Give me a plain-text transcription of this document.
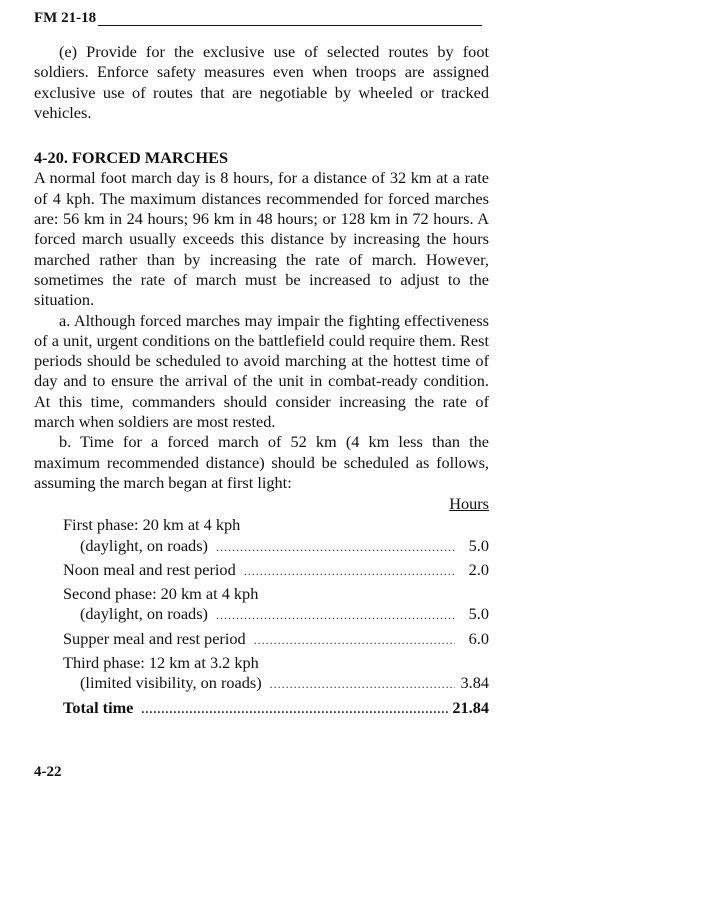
FM 21-18

(e) Provide for the exclusive use of selected routes by foot soldiers. Enforce safety measures even when troops are assigned exclusive use of routes that are negotiable by wheeled or tracked vehicles.

4-20. FORCED MARCHES

A normal foot march day is 8 hours, for a distance of 32 km at a rate of 4 kph. The maximum distances recommended for forced marches are: 56 km in 24 hours; 96 km in 48 hours; or 128 km in 72 hours. A forced march usually exceeds this distance by increasing the hours marched rather than by increasing the rate of march. However, sometimes the rate of march must be increased to adjust to the situation.

a. Although forced marches may impair the fighting effectiveness of a unit, urgent conditions on the battlefield could require them. Rest periods should be scheduled to avoid marching at the hottest time of day and to ensure the arrival of the unit in combat-ready condition. At this time, commanders should consider increasing the rate of march when soldiers are most rested.

b. Time for a forced march of 52 km (4 km less than the maximum recommended distance) should be scheduled as follows, assuming the march began at first light:

Hours
First phase: 20 km at 4 kph
(daylight, on roads) .....	5.0
Noon meal and rest period .....	2.0
Second phase: 20 km at 4 kph
(daylight, on roads) .....	5.0
Supper meal and rest period .....	6.0
Third phase: 12 km at 3.2 kph
(limited visibility, on roads) .....	3.84
Total time .....	21.84
4-22
